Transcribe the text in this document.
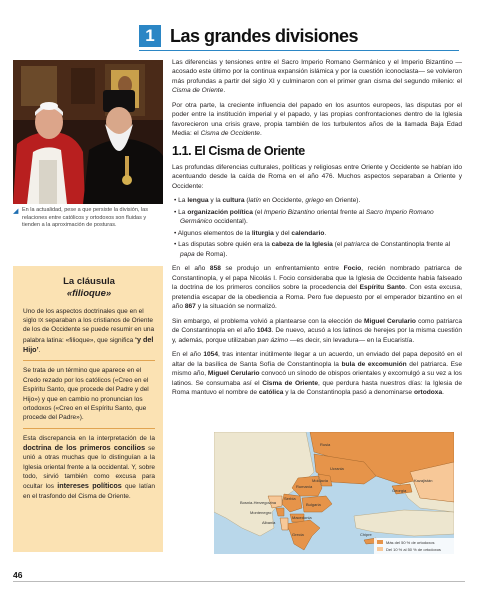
1 Las grandes divisiones
◢ En la actualidad, pese a que persiste la división, las relaciones entre católicos y ortodoxos son fluidas y tienden a la aproximación de posturas.
La cláusula
«filioque»

Uno de los aspectos doctrinales que en el siglo IX separaban a los cristianos de Oriente de los de Occidente se puede resumir en una palabra latina: «filioque», que significa ‘y del Hijo’.

Se trata de un término que aparece en el Credo rezado por los católicos («Creo en el Espíritu Santo, que procede del Padre y del Hijo») y que en cambio no pronuncian los ortodoxos («Creo en el Espíritu Santo, que procede del Padre»).

Esta discrepancia en la interpretación de la doctrina de los primeros concilios se unió a otras muchas que lo distinguían a la Iglesia oriental frente a la occidental. Y, sobre todo, sirvió también como excusa para ocultar los intereses políticos que latían en el trasfondo del Cisma de Oriente.

Las diferencias y tensiones entre el Sacro Imperio Romano Germánico y el Imperio Bizantino —acosado este último por la continua expansión islámica y por la cuestión iconoclasta— se volvieron más profundas a partir del siglo XI y culminaron con el primer gran cisma del segundo milenio: el Cisma de Oriente.

Por otra parte, la creciente influencia del papado en los asuntos europeos, las disputas por el poder entre la institución imperial y el papado, y las propias confrontaciones dentro de la Iglesia favorecieron una crisis grave, propia también de los turbulentos años de la llamada Baja Edad Media: el Cisma de Occidente.

1.1. El Cisma de Oriente

Las profundas diferencias culturales, políticas y religiosas entre Oriente y Occidente se habían ido acentuando desde la caída de Roma en el año 476. Muchos aspectos separaban a Oriente y Occidente:

• La lengua y la cultura (latín en Occidente, griego en Oriente).
• La organización política (el Imperio Bizantino oriental frente al Sacro Imperio Romano Germánico occidental).
• Algunos elementos de la liturgia y del calendario.
• Las disputas sobre quién era la cabeza de la Iglesia (el patriarca de Constantinopla frente al papa de Roma).

En el año 858 se produjo un enfrentamiento entre Focio, recién nombrado patriarca de Constantinopla, y el papa Nicolás I. Focio consideraba que la Iglesia de Occidente había falseado la doctrina de los primeros concilios sobre la procedencia del Espíritu Santo. Con esta excusa, pretendía escapar de la obediencia a Roma. Pero fue depuesto por el emperador bizantino en el año 867 y la situación se normalizó.

Sin embargo, el problema volvió a plantearse con la elección de Miguel Cerulario como patriarca de Constantinopla en el año 1043. De nuevo, acusó a los latinos de herejes por la misma cuestión y, además, porque utilizaban pan ázimo —es decir, sin levadura— en la Eucaristía.

En el año 1054, tras intentar inútilmente llegar a un acuerdo, un enviado del papa depositó en el altar de la basílica de Santa Sofía de Constantinopla la bula de excomunión del patriarca. Ese mismo año, Miguel Cerulario convocó un sínodo de obispos orientales y excomulgó a su vez a los latinos. Se consumaba así el Cisma de Oriente, que perdura hasta nuestros días: la Iglesia de Roma mantuvo el nombre de católica y la de Constantinopla pasó a denominarse ortodoxa.

Rusia
Kazajistán
Georgia
Ucrania
Moldavia
Rumanía
Serbia
Bosnia-Herzegovina	Bulgaria
Montenegro
Macedonia
Grecia	Chipre
Albania
Más del 50 % de ortodoxos
Del 10 % al 50 % de ortodoxos
46
